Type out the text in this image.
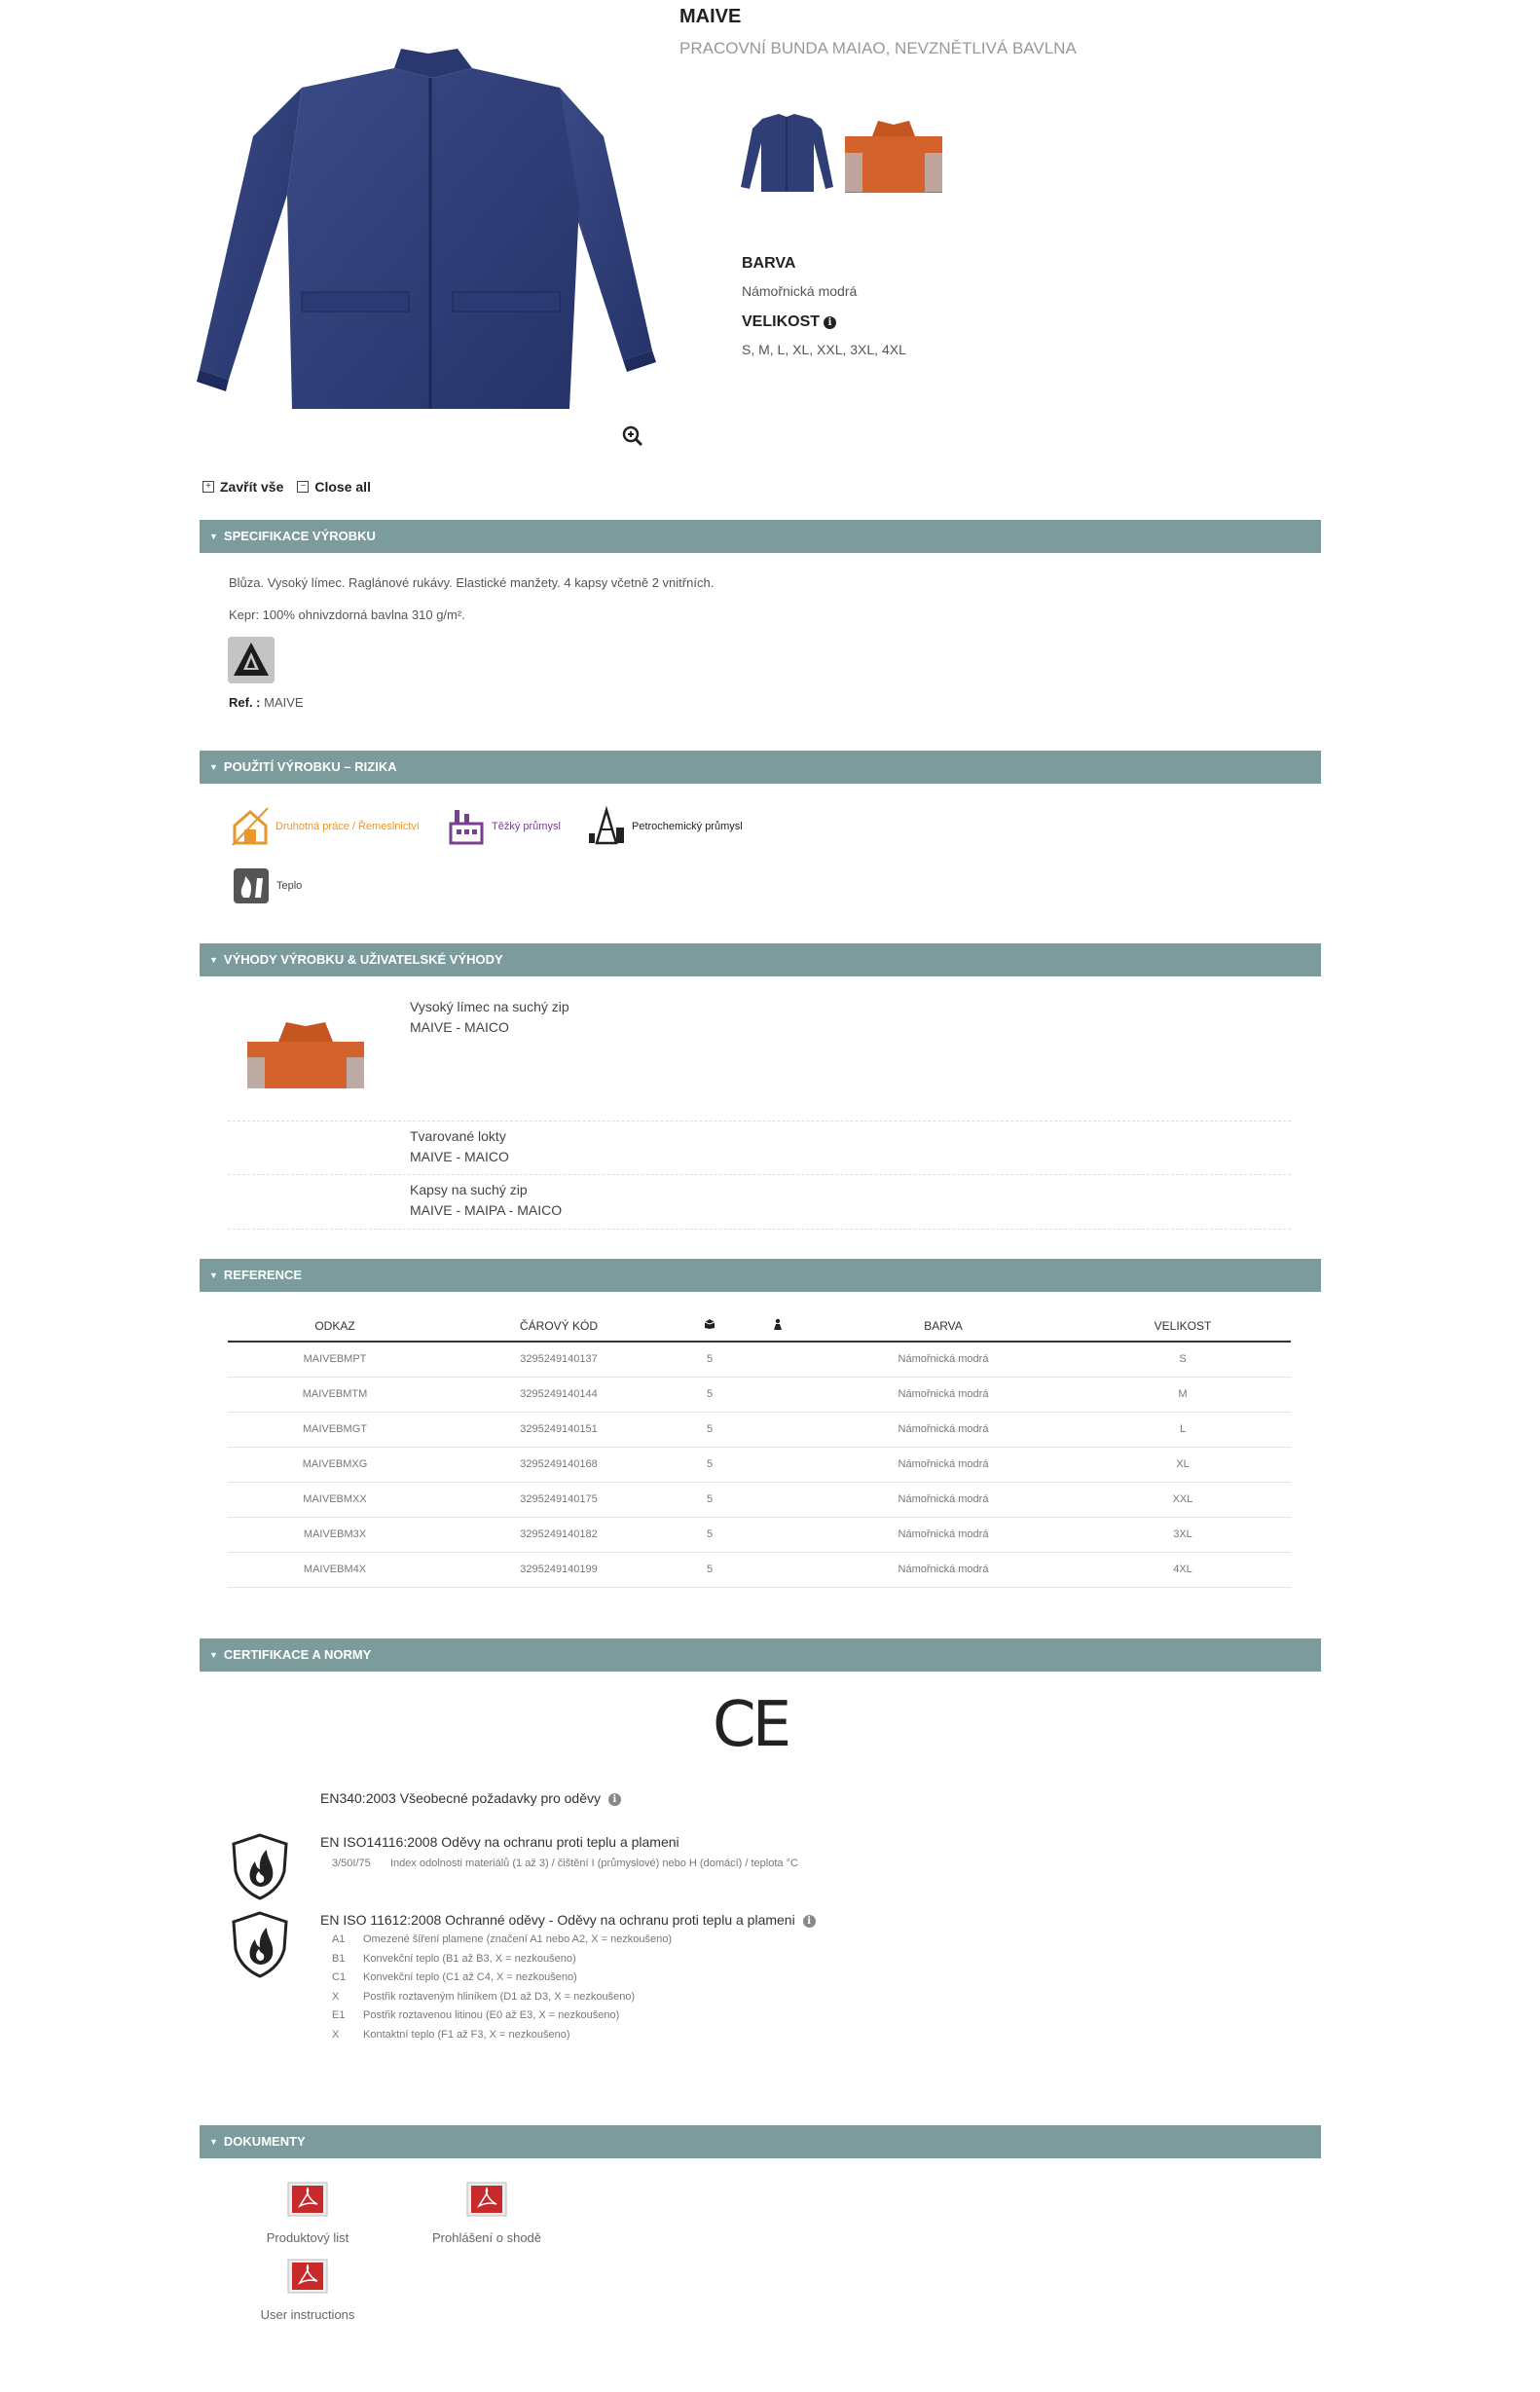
MAIVE
PRACOVNÍ BUNDA MAIAO, NEVZNĚTLIVÁ BAVLNA
BARVA
Námořnická modrá
VELIKOST i
S, M, L, XL, XXL, 3XL, 4XL
+ Zavřít vše	− Close all
▼ SPECIFIKACE VÝROBKU
Blůza. Vysoký límec. Raglánové rukávy. Elastické manžety. 4 kapsy včetně 2 vnitřních.
Kepr: 100% ohnivzdorná bavlna 310 g/m².
Ref. : MAIVE
▼ POUŽITÍ VÝROBKU – RIZIKA
Druhotná práce / Řemeslnictví	Těžký průmysl	Petrochemický průmysl
Teplo
▼ VÝHODY VÝROBKU & UŽIVATELSKÉ VÝHODY
Vysoký límec na suchý zip
MAIVE - MAICO
Tvarované lokty
MAIVE - MAICO
Kapsy na suchý zip
MAIVE - MAIPA - MAICO
▼ REFERENCE
ODKAZ	ČÁROVÝ KÓD			BARVA	VELIKOST
MAIVEBMPT	3295249140137	5		Námořnická modrá	S
MAIVEBMTM	3295249140144	5		Námořnická modrá	M
MAIVEBMGT	3295249140151	5		Námořnická modrá	L
MAIVEBMXG	3295249140168	5		Námořnická modrá	XL
MAIVEBMXX	3295249140175	5		Námořnická modrá	XXL
MAIVEBM3X	3295249140182	5		Námořnická modrá	3XL
MAIVEBM4X	3295249140199	5		Námořnická modrá	4XL
▼ CERTIFIKACE A NORMY
CE
EN340:2003 Všeobecné požadavky pro oděvy i
EN ISO14116:2008 Oděvy na ochranu proti teplu a plameni
3/50I/75 Index odolnosti materiálů (1 až 3) / čištění I (průmyslové) nebo H (domácí) / teplota °C
EN ISO 11612:2008 Ochranné oděvy - Oděvy na ochranu proti teplu a plameni i
A1 Omezené šíření plamene (značení A1 nebo A2, X = nezkoušeno)
B1 Konvekční teplo (B1 až B3, X = nezkoušeno)
C1 Konvekční teplo (C1 až C4, X = nezkoušeno)
X Postřik roztaveným hliníkem (D1 až D3, X = nezkoušeno)
E1 Postřik roztavenou litinou (E0 až E3, X = nezkoušeno)
X Kontaktní teplo (F1 až F3, X = nezkoušeno)
▼ DOKUMENTY
Produktový list	Prohlášení o shodě
User instructions
